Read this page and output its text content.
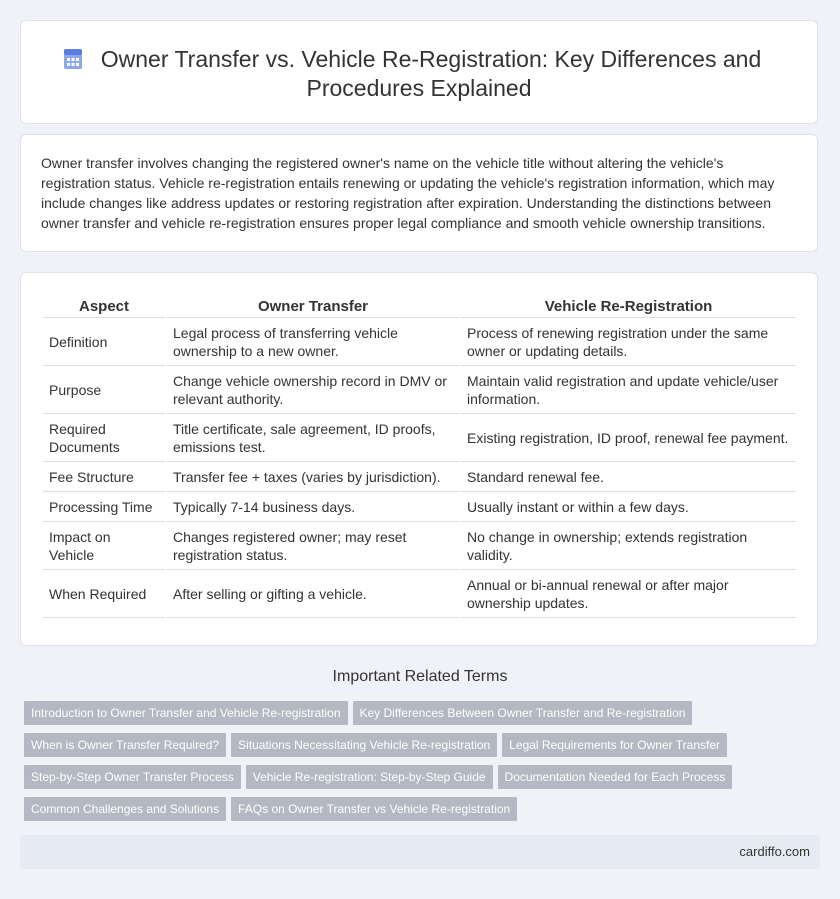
Owner Transfer vs. Vehicle Re-Registration: Key Differences and Procedures Explained

Owner transfer involves changing the registered owner's name on the vehicle title without altering the vehicle's registration status. Vehicle re-registration entails renewing or updating the vehicle's registration information, which may include changes like address updates or restoring registration after expiration. Understanding the distinctions between owner transfer and vehicle re-registration ensures proper legal compliance and smooth vehicle ownership transitions.

Aspect	Owner Transfer	Vehicle Re-Registration
Definition	Legal process of transferring vehicle ownership to a new owner.	Process of renewing registration under the same owner or updating details.
Purpose	Change vehicle ownership record in DMV or relevant authority.	Maintain valid registration and update vehicle/user information.
Required Documents	Title certificate, sale agreement, ID proofs, emissions test.	Existing registration, ID proof, renewal fee payment.
Fee Structure	Transfer fee + taxes (varies by jurisdiction).	Standard renewal fee.
Processing Time	Typically 7-14 business days.	Usually instant or within a few days.
Impact on Vehicle	Changes registered owner; may reset registration status.	No change in ownership; extends registration validity.
When Required	After selling or gifting a vehicle.	Annual or bi-annual renewal or after major ownership updates.
Important Related Terms
Introduction to Owner Transfer and Vehicle Re-registration Key Differences Between Owner Transfer and Re-registration
When is Owner Transfer Required? Situations Necessitating Vehicle Re-registration Legal Requirements for Owner Transfer
Step-by-Step Owner Transfer Process Vehicle Re-registration: Step-by-Step Guide Documentation Needed for Each Process
Common Challenges and Solutions FAQs on Owner Transfer vs Vehicle Re-registration
cardiffo.com
